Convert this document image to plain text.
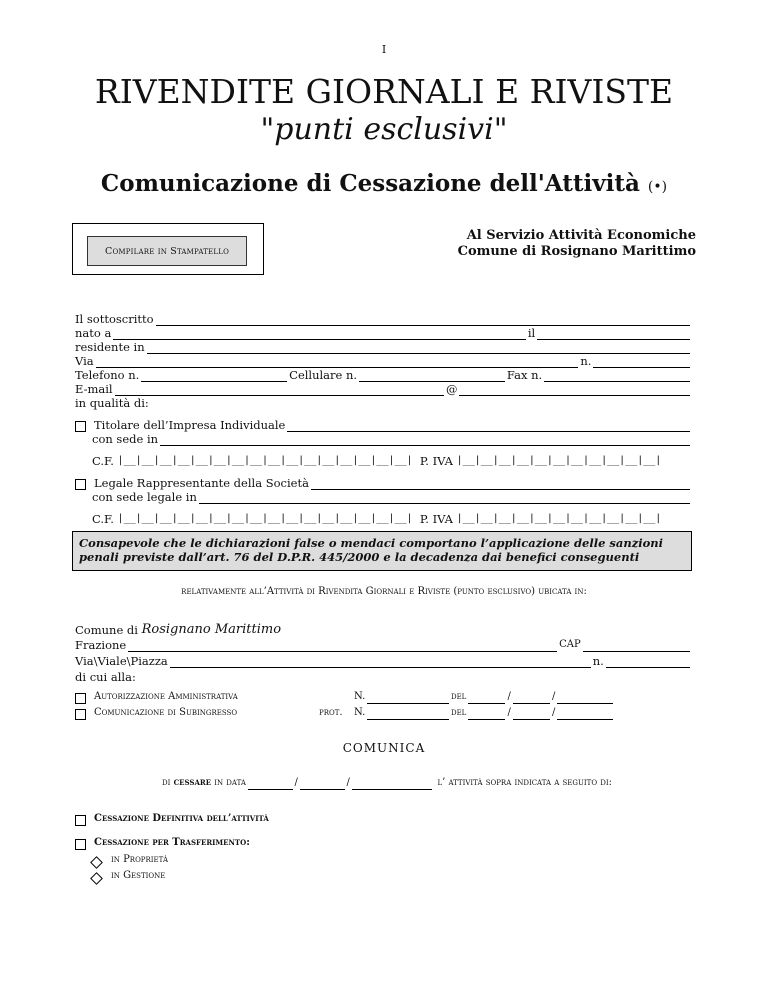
I
RIVENDITE GIORNALI E RIVISTE
"punti esclusivi"
Comunicazione di Cessazione dell'Attività (•)
Compilare in Stampatello
Al Servizio Attività Economiche
Comune di Rosignano Marittimo
Il sottoscritto
nato a	il
residente in
Via	n.
Telefono n.	Cellulare n.	Fax n.
E-mail	@
in qualità di:
Titolare dell’Impresa Individuale
con sede in
C.F.
|__|__|__|__|__|__|__|__|__|__|__|__|__|__|__|__|
P. IVA
|__|__|__|__|__|__|__|__|__|__|__|
Legale Rappresentante della Società
con sede legale in
C.F.
|__|__|__|__|__|__|__|__|__|__|__|__|__|__|__|__|
P. IVA
|__|__|__|__|__|__|__|__|__|__|__|
Consapevole che le dichiarazioni false o mendaci comportano l’applicazione delle sanzioni penali previste dall’art. 76 del D.P.R. 445/2000 e la decadenza dai benefici conseguenti
relativamente all’Attività di Rivendita Giornali e Riviste (punto esclusivo) ubicata in:
Comune di
Rosignano Marittimo
Frazione	CAP
Via\Viale\Piazza	n.
di cui alla:
Autorizzazione Amministrativa	N.	del	/	/
Comunicazione di Subingresso	prot.	N.	del	/	/
COMUNICA
di
cessare
in data	/	/
	l’ attività sopra indicata a seguito di:
Cessazione Definitiva dell’attività
Cessazione per Trasferimento:
in Proprietà
in Gestione
